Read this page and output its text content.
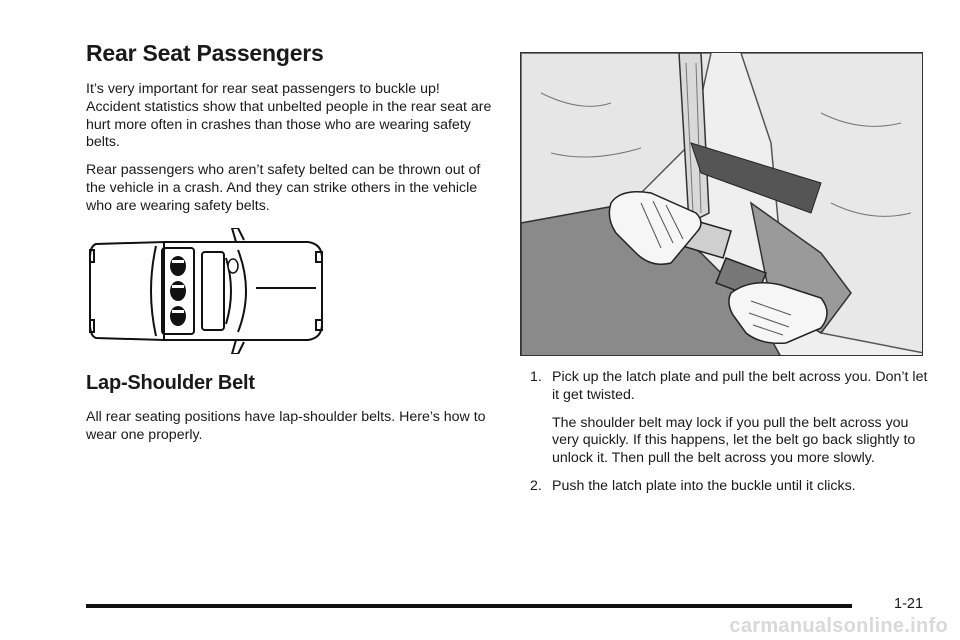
Rear Seat Passengers

It’s very important for rear seat passengers to buckle up! Accident statistics show that unbelted people in the rear seat are hurt more often in crashes than those who are wearing safety belts.

Rear passengers who aren’t safety belted can be thrown out of the vehicle in a crash. And they can strike others in the vehicle who are wearing safety belts.

Lap-Shoulder Belt

All rear seating positions have lap-shoulder belts. Here’s how to wear one properly.

1. Pick up the latch plate and pull the belt across you. Don’t let it get twisted.

The shoulder belt may lock if you pull the belt across you very quickly. If this happens, let the belt go back slightly to unlock it. Then pull the belt across you more slowly.

2. Push the latch plate into the buckle until it clicks.

1-21
carmanualsonline.info
